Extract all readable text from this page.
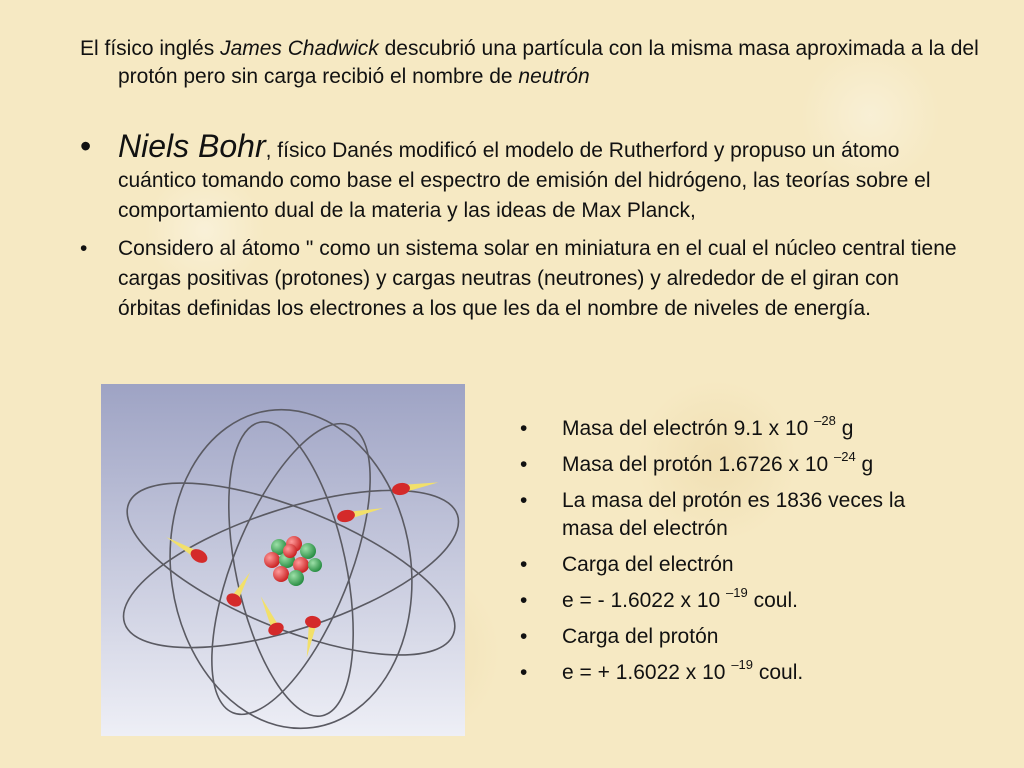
El físico inglés James Chadwick descubrió una partícula con la misma masa aproximada a la del protón pero sin carga recibió el nombre de neutrón
• Niels Bohr, físico Danés modificó el modelo de Rutherford y propuso un átomo cuántico tomando como base el espectro de emisión del hidrógeno, las teorías sobre el comportamiento dual de la materia y las ideas de Max Planck,
• Considero al átomo " como un sistema solar en miniatura en el cual el núcleo central tiene cargas positivas (protones) y cargas neutras (neutrones) y alrededor de el giran con órbitas definidas los electrones a los que les da el nombre de niveles de energía.
• Masa del electrón 9.1 x 10 $^{-28}$ g
• Masa del protón 1.6726 x 10 $^{-24}$ g
• La masa del protón es 1836 veces la masa del electrón
• Carga del electrón
• e = - 1.6022 x 10 $^{-19}$ coul.
• Carga del protón
• e = + 1.6022 x 10 $^{-19}$ coul.
